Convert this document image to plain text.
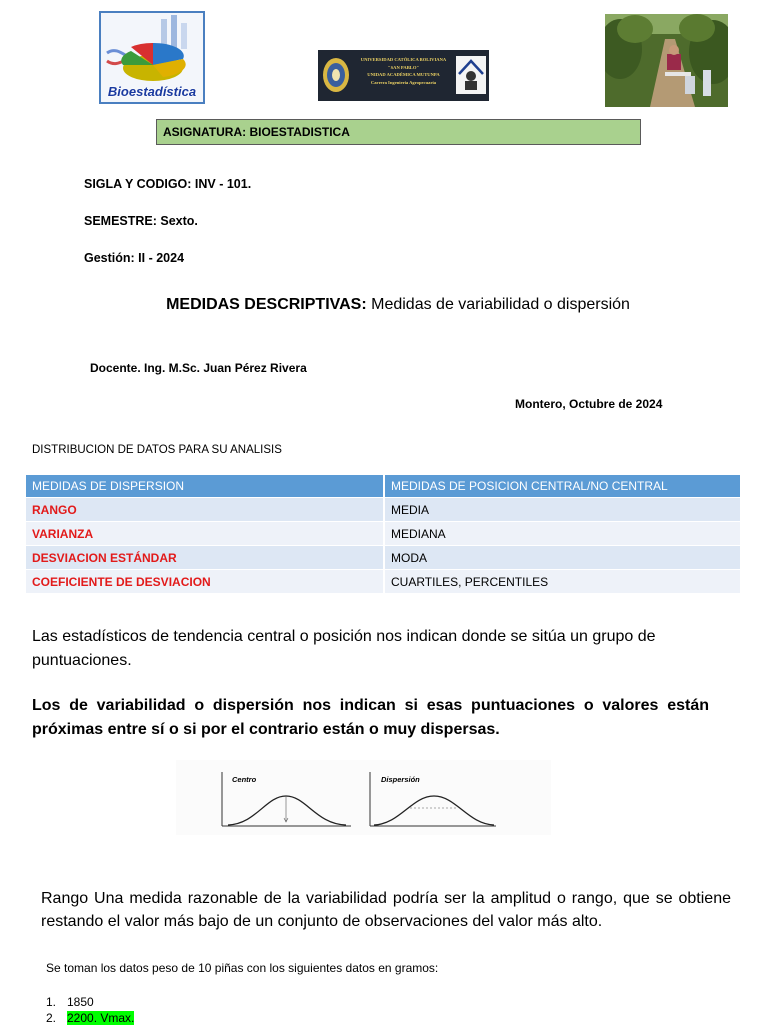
Bioestadística
UNIVERSIDAD CATÓLICA BOLIVIANA
"SAN PABLO"
UNIDAD ACADÉMICA MUTUNPA
Carrera Ingeniería Agropecuaria
ASIGNATURA: BIOESTADISTICA
SIGLA Y CODIGO: INV - 101.
SEMESTRE: Sexto.
Gestión: II - 2024
MEDIDAS DESCRIPTIVAS: Medidas de variabilidad o dispersión
Docente. Ing. M.Sc. Juan Pérez Rivera
Montero, Octubre de 2024
DISTRIBUCION DE DATOS PARA SU ANALISIS
MEDIDAS DE DISPERSION	MEDIDAS DE POSICION CENTRAL/NO CENTRAL
RANGO	MEDIA
VARIANZA	MEDIANA
DESVIACION ESTÁNDAR	MODA
COEFICIENTE DE DESVIACION	CUARTILES, PERCENTILES
Las estadísticos de tendencia central o posición nos indican donde se sitúa un grupo de puntuaciones.
Los de variabilidad o dispersión nos indican si esas puntuaciones o valores están próximas entre sí o si por el contrario están o muy dispersas.
Centro	Dispersión
Rango Una medida razonable de la variabilidad podría ser la amplitud o rango, que se obtiene restando el valor más bajo de un conjunto de observaciones del valor más alto.
Se toman los datos peso de 10 piñas con los siguientes datos en gramos:
1. 1850
2. 2200. Vmax.
